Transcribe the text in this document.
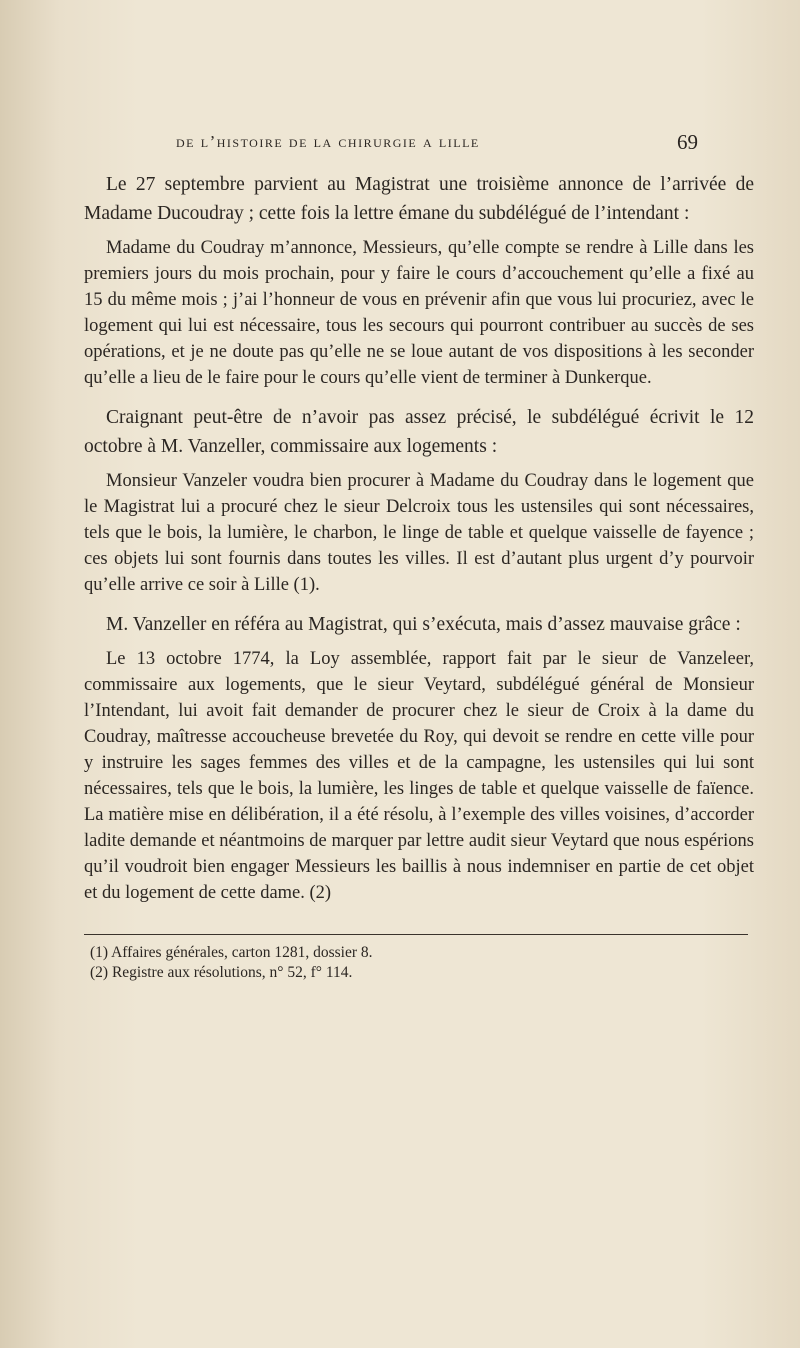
de l’histoire de la chirurgie a lille	69

Le 27 septembre parvient au Magistrat une troisième annonce de l’arrivée de Madame Ducoudray ; cette fois la lettre émane du subdélégué de l’intendant :

Madame du Coudray m’annonce, Messieurs, qu’elle compte se rendre à Lille dans les premiers jours du mois prochain, pour y faire le cours d’accouchement qu’elle a fixé au 15 du même mois ; j’ai l’honneur de vous en prévenir afin que vous lui procuriez, avec le logement qui lui est nécessaire, tous les secours qui pourront contribuer au succès de ses opérations, et je ne doute pas qu’elle ne se loue autant de vos dispositions à les seconder qu’elle a lieu de le faire pour le cours qu’elle vient de terminer à Dunkerque.

Craignant peut-être de n’avoir pas assez précisé, le subdélégué écrivit le 12 octobre à M. Vanzeller, commissaire aux logements :

Monsieur Vanzeler voudra bien procurer à Madame du Coudray dans le logement que le Magistrat lui a procuré chez le sieur Delcroix tous les ustensiles qui sont nécessaires, tels que le bois, la lumière, le charbon, le linge de table et quelque vaisselle de fayence ; ces objets lui sont fournis dans toutes les villes. Il est d’autant plus urgent d’y pourvoir qu’elle arrive ce soir à Lille (1).

M. Vanzeller en référa au Magistrat, qui s’exécuta, mais d’assez mauvaise grâce :

Le 13 octobre 1774, la Loy assemblée, rapport fait par le sieur de Vanzeleer, commissaire aux logements, que le sieur Veytard, subdélégué général de Monsieur l’Intendant, lui avoit fait demander de procurer chez le sieur de Croix à la dame du Coudray, maîtresse accoucheuse brevetée du Roy, qui devoit se rendre en cette ville pour y instruire les sages femmes des villes et de la campagne, les ustensiles qui lui sont nécessaires, tels que le bois, la lumière, les linges de table et quelque vaisselle de faïence. La matière mise en délibération, il a été résolu, à l’exemple des villes voisines, d’accorder ladite demande et néantmoins de marquer par lettre audit sieur Veytard que nous espérions qu’il voudroit bien engager Messieurs les baillis à nous indemniser en partie de cet objet et du logement de cette dame. (2)

(1) Affaires générales, carton 1281, dossier 8.

(2) Registre aux résolutions, n° 52, f° 114.
